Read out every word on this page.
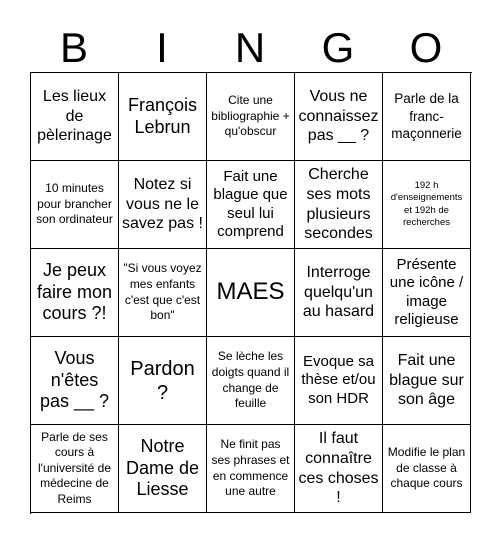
B	I	N	G	O
Les lieux de pèlerinage
François Lebrun
Cite une bibliographie + qu'obscur
Vous ne connaissez pas __ ?
Parle de la franc-maçonnerie
10 minutes pour brancher son ordinateur
Notez si vous ne le savez pas !
Fait une blague que seul lui comprend
Cherche ses mots plusieurs secondes
192 h d'enseignements et 192h de recherches
Je peux faire mon cours ?!
"Si vous voyez mes enfants c'est que c'est bon"
MAES
Interroge quelqu'un au hasard
Présente une icône / image religieuse
Vous n'êtes pas __ ?
Pardon ?
Se lèche les doigts quand il change de feuille
Evoque sa thèse et/ou son HDR
Fait une blague sur son âge
Parle de ses cours à l'université de médecine de Reims
Notre Dame de Liesse
Ne finit pas ses phrases et en commence une autre
Il faut connaître ces choses !
Modifie le plan de classe à chaque cours
